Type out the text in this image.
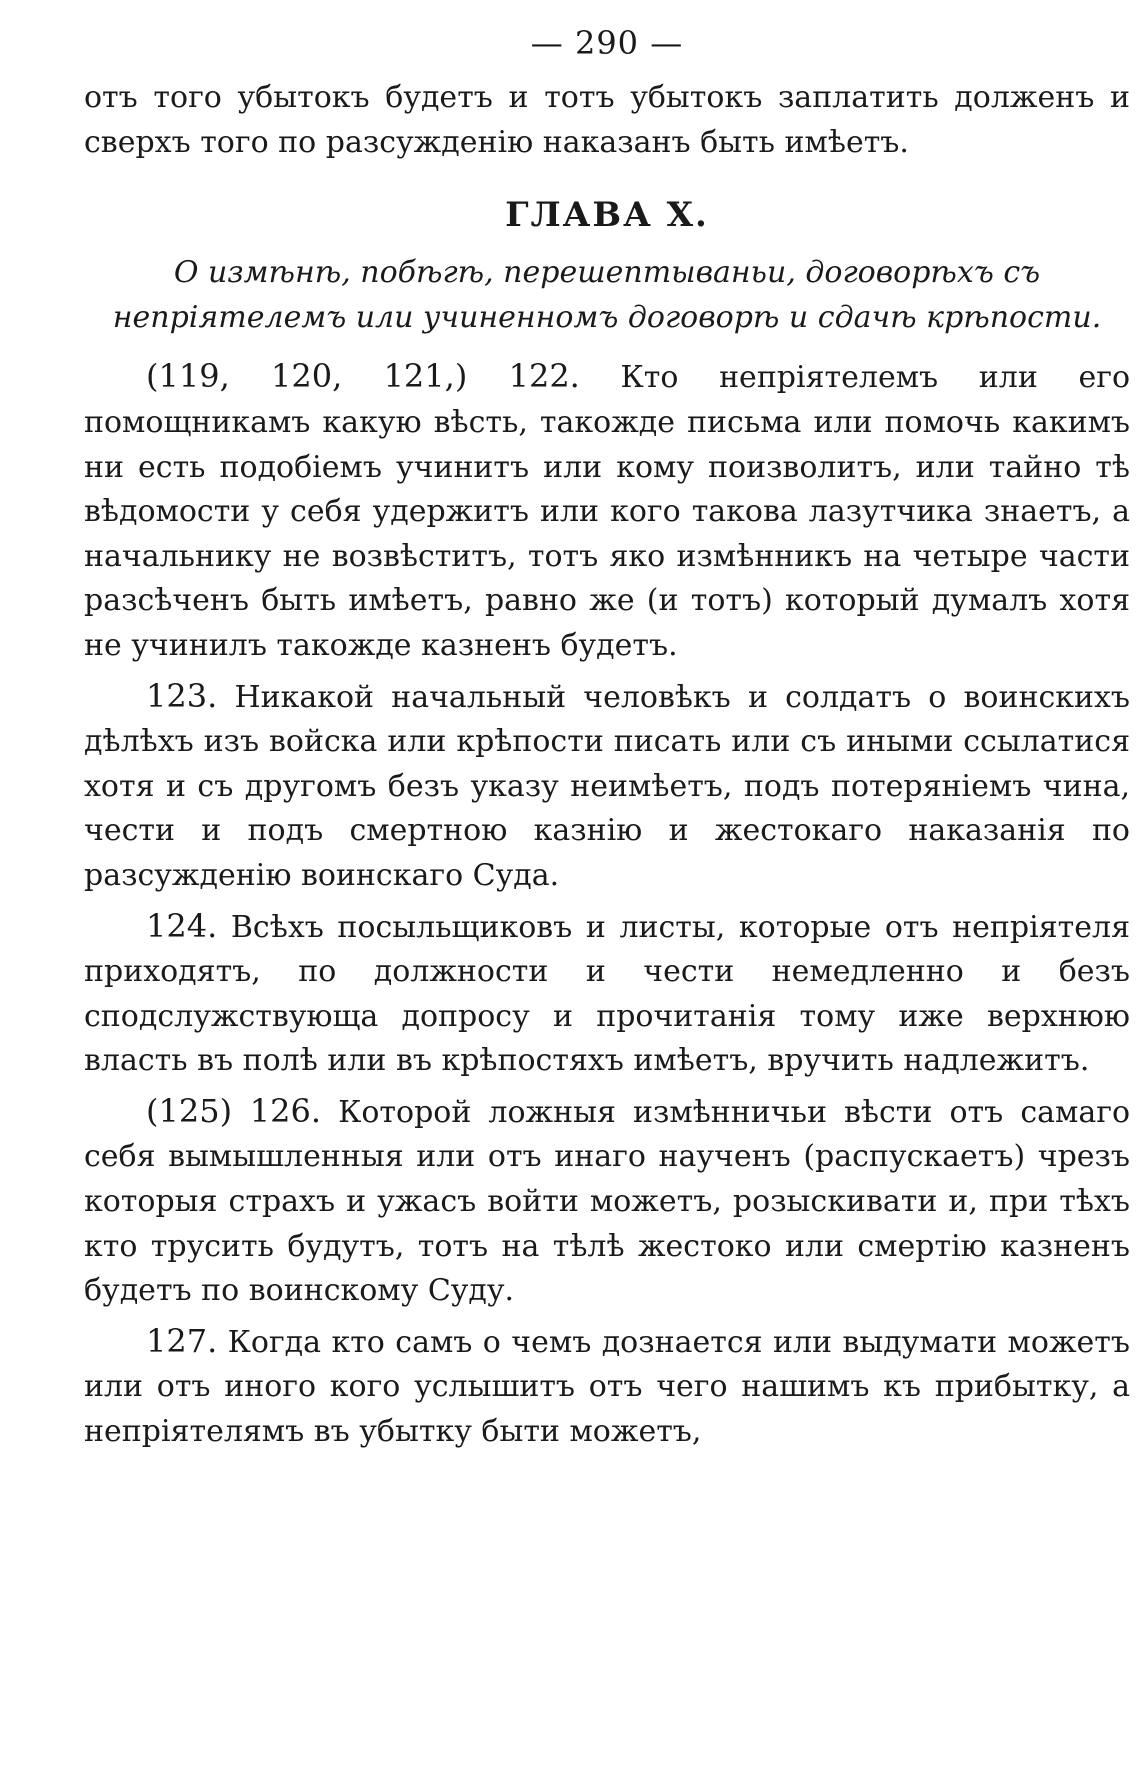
— 290 —

отъ того убытокъ будетъ и тотъ убытокъ заплатить долженъ и сверхъ того по разсужденію наказанъ быть имѣетъ.

ГЛАВА X.
О измѣнѣ, побѣгѣ, перешептываньи, договорѣхъ съ непріятелемъ или учиненномъ договорѣ и сдачѣ крѣпости.

(119, 120, 121,) 122. Кто непріятелемъ или его помощникамъ какую вѣсть, такожде письма или помочь какимъ ни есть подобіемъ учинитъ или кому поизволитъ, или тайно тѣ вѣдомости у себя удержитъ или кого такова лазутчика знаетъ, а начальнику не возвѣститъ, тотъ яко измѣнникъ на четыре части разсѣченъ быть имѣетъ, равно же (и тотъ) который думалъ хотя не учинилъ такожде казненъ будетъ.

123. Никакой начальный человѣкъ и солдатъ о воинскихъ дѣлѣхъ изъ войска или крѣпости писать или съ иными ссылатися хотя и съ другомъ безъ указу неимѣетъ, подъ потеряніемъ чина, чести и подъ смертною казнію и жестокаго наказанія по разсужденію воинскаго Суда.

124. Всѣхъ посыльщиковъ и листы, которые отъ непріятеля приходятъ, по должности и чести немедленно и безъ сподслужствующа допросу и прочитанія тому иже верхнюю власть въ полѣ или въ крѣпостяхъ имѣетъ, вручить надлежитъ.

(125) 126. Которой ложныя измѣнничьи вѣсти отъ самаго себя вымышленныя или отъ инаго наученъ (распускаетъ) чрезъ которыя страхъ и ужасъ войти можетъ, розыскивати и, при тѣхъ кто трусить будутъ, тотъ на тѣлѣ жестоко или смертію казненъ будетъ по воинскому Суду.

127. Когда кто самъ о чемъ дознается или выдумати можетъ или отъ иного кого услышитъ отъ чего нашимъ къ прибытку, а непріятелямъ въ убытку быти можетъ,
